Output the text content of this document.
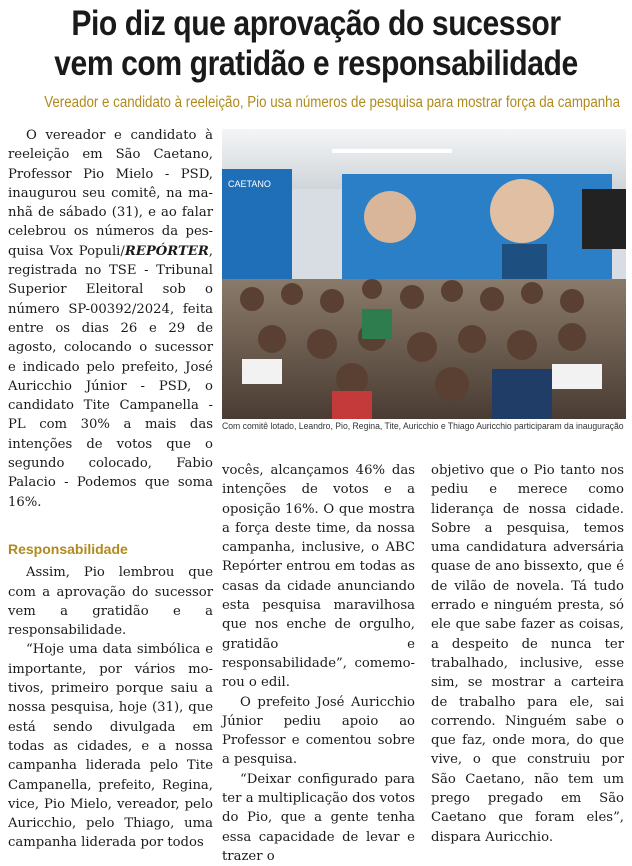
Pio diz que aprovação do sucessor
vem com gratidão e responsabilidade
Vereador e candidato à reeleição, Pio usa números de pesquisa para mostrar força da campanha

O vereador e candidato à reeleição em São Caetano, Professor Pio Mielo - PSD, inaugurou seu comitê, na manhã de sábado (31), e ao falar celebrou os números da pesquisa Vox Populi/REPÓRTER, registrada no TSE - Tribunal Superior Eleitoral sob o número SP-00392/2024, feita entre os dias 26 e 29 de agosto, colocando o sucessor e indicado pelo prefeito, José Auricchio Júnior - PSD, o candidato Tite Campanella - PL com 30% a mais das intenções de votos que o segundo colocado, Fabio Palacio - Podemos que soma 16%.

Responsabilidade

Assim, Pio lembrou que com a aprovação do sucessor vem a gratidão e a responsabilidade.

“Hoje uma data simbólica e importante, por vários motivos, primeiro porque saiu a nossa pesquisa, hoje (31), que está sendo divulgada em todas as cidades, e a nossa campanha liderada pelo Tite Campanella, prefeito, Regina, vice, Pio Mielo, vereador, pelo Auricchio, pelo Thiago, uma campanha liderada por todos

CAETANO
Com comitê lotado, Leandro, Pio, Regina, Tite, Auricchio e Thiago Auricchio participaram da inauguração

vocês, alcançamos 46% das intenções de votos e a oposição 16%. O que mostra a força deste time, da nossa campanha, inclusive, o ABC Repórter entrou em todas as casas da cidade anunciando esta pesquisa maravilhosa que nos enche de orgulho, gratidão e responsabilidade”, comemorou o edil.

O prefeito José Auricchio Júnior pediu apoio ao Professor e comentou sobre a pesquisa.

“Deixar configurado para ter a multiplicação dos votos do Pio, que a gente tenha essa capacidade de levar e trazer o

objetivo que o Pio tanto nos pediu e merece como liderança de nossa cidade. Sobre a pesquisa, temos uma candidatura adversária quase de ano bissexto, que é de vilão de novela. Tá tudo errado e ninguém presta, só ele que sabe fazer as coisas, a despeito de nunca ter trabalhado, inclusive, esse sim, se mostrar a carteira de trabalho para ele, sai correndo. Ninguém sabe o que faz, onde mora, do que vive, o que construiu por São Caetano, não tem um prego pregado em São Caetano que foram eles”, dispara Auricchio.
